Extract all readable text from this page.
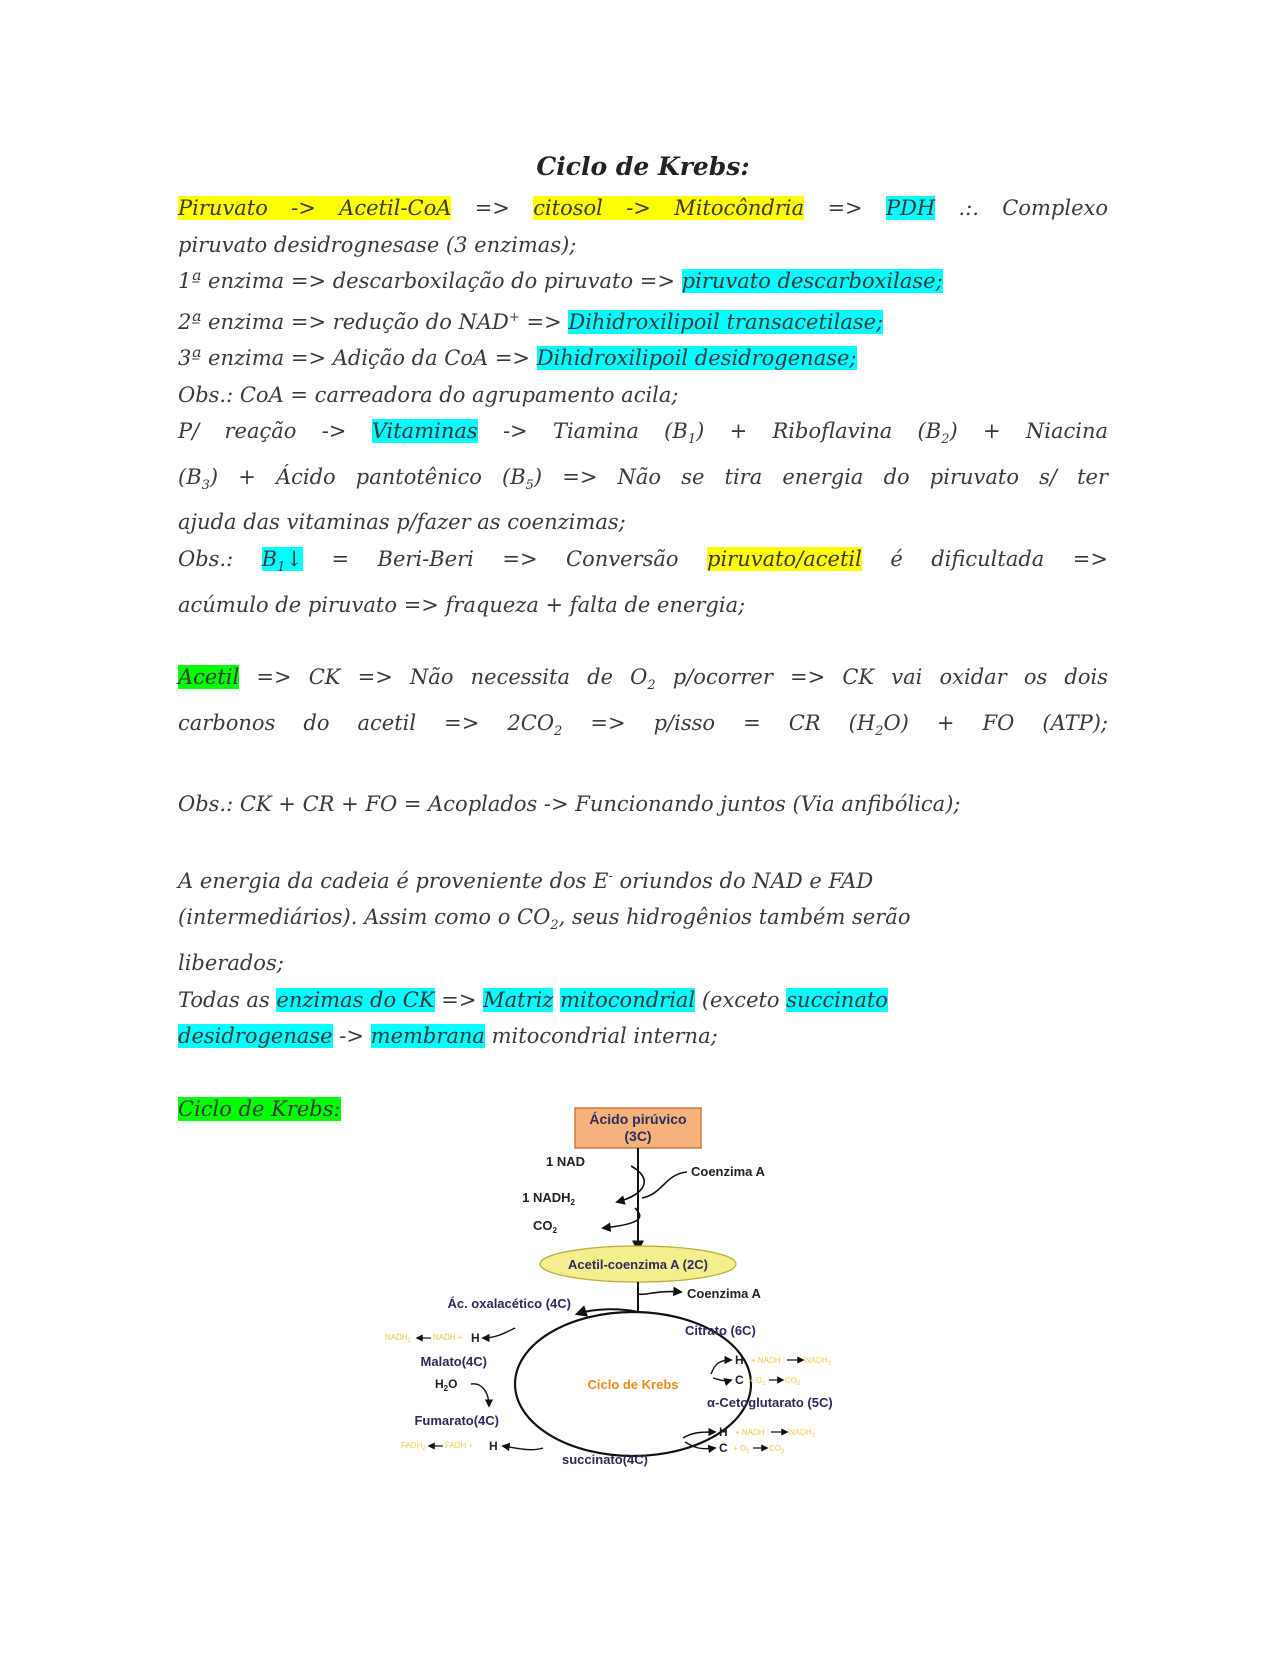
Ciclo de Krebs:
Piruvato -> Acetil-CoA => citosol -> Mitocôndria => PDH .:. Complexo
piruvato desidrognesase (3 enzimas);
1ª enzima => descarboxilação do piruvato => piruvato descarboxilase;
2ª enzima => redução do NAD+ => Dihidroxilipoil transacetilase;
3ª enzima => Adição da CoA => Dihidroxilipoil desidrogenase;
Obs.: CoA = carreadora do agrupamento acila;
P/ reação -> Vitaminas -> Tiamina $(B_1)$ + Riboflavina $(B_2)$ + Niacina
$(B_3)$ + Ácido pantotênico $(B_5)$ => Não se tira energia do piruvato s/ ter
ajuda das vitaminas p/fazer as coenzimas;
Obs.: $B_1↓$ = Beri-Beri => Conversão piruvato/acetil é dificultada =>
acúmulo de piruvato => fraqueza + falta de energia;
Acetil => CK => Não necessita de $O_2$ p/ocorrer => CK vai oxidar os dois
carbonos do acetil => $2CO_2$ => p/isso = CR $(H_2O)$ + FO (ATP);
Obs.: CK + CR + FO = Acoplados -> Funcionando juntos (Via anfibólica);
A energia da cadeia é proveniente dos E- oriundos do NAD e FAD
(intermediários). Assim como o $CO_2$, seus hidrogênios também serão
liberados;
Todas as enzimas do CK => Matriz mitocondrial (exceto succinato
desidrogenase -> membrana mitocondrial interna;
Ciclo de Krebs:	Ácido pirúvico
(3C)
1 NAD
1 $NADH_2$
$CO_2$
Coenzima A
Acetil-coenzima A (2C)
Coenzima A
Ciclo de Krebs
Ác. oxalacético (4C)
Citrato (6C)
Malato(4C)
α-Cetoglutarato (5C)
Fumarato(4C)
succinato(4C)
$NADH_2$	NADH + H
$H_2O$
$FADH_2$ FADH + H
H + NADH	$NADH_2$
$C + O_2$ $CO_2$
H + NADH	$NADH_2$
$C + O_2$ $CO_2$
